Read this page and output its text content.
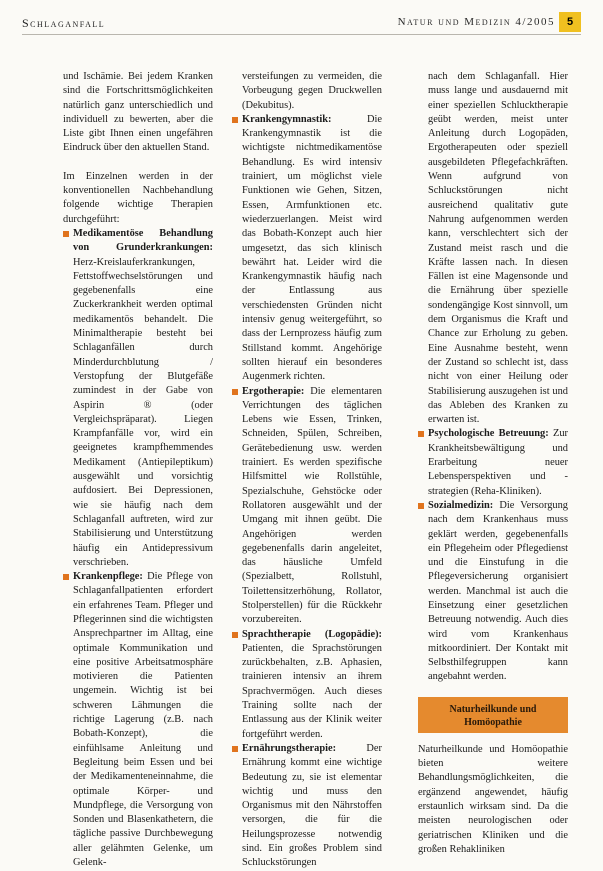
Schlaganfall	Natur und Medizin 4/2005	5

und Ischämie. Bei jedem Kranken sind die Fortschrittsmöglichkeiten natürlich ganz unterschiedlich und individuell zu bewerten, aber die Liste gibt Ihnen einen ungefähren Eindruck über den aktuellen Stand.

Im Einzelnen werden in der konventionellen Nachbehandlung folgende wichtige Therapien durchgeführt:

Medikamentöse Behandlung von Grunderkrankungen: Herz-Kreislauferkrankungen, Fettstoffwechselstörungen und gegebenenfalls eine Zuckerkrankheit werden optimal medikamentös behandelt. Die Minimaltherapie besteht bei Schlaganfällen durch Minderdurchblutung / Verstopfung der Blutgefäße zumindest in der Gabe von Aspirin ® (oder Vergleichspräparat). Liegen Krampfanfälle vor, wird ein geeignetes krampfhemmendes Medikament (Antiepileptikum) ausgewählt und vorsichtig aufdosiert. Bei Depressionen, wie sie häufig nach dem Schlaganfall auftreten, wird zur Stabilisierung und Unterstützung häufig ein Antidepressivum verschrieben.
Krankenpflege: Die Pflege von Schlaganfallpatienten erfordert ein erfahrenes Team. Pfleger und Pflegerinnen sind die wichtigsten Ansprechpartner im Alltag, eine optimale Kommunikation und eine positive Arbeitsatmosphäre motivieren die Patienten ungemein. Wichtig ist bei schweren Lähmungen die richtige Lagerung (z.B. nach Bobath-Konzept), die einfühlsame Anleitung und Begleitung beim Essen und bei der Medikamenteneinnahme, die optimale Körper- und Mundpflege, die Versorgung von Sonden und Blasenkathetern, die tägliche passive Durchbewegung aller gelähmten Gelenke, um Gelenk-
versteifungen zu vermeiden, die Vorbeugung gegen Druckwellen (Dekubitus).
Krankengymnastik: Die Krankengymnastik ist die wichtigste nichtmedikamentöse Behandlung. Es wird intensiv trainiert, um möglichst viele Funktionen wie Gehen, Sitzen, Essen, Armfunktionen etc. wiederzuerlangen. Meist wird das Bobath-Konzept auch hier umgesetzt, das sich klinisch bewährt hat. Leider wird die Krankengymnastik häufig nach der Entlassung aus verschiedensten Gründen nicht intensiv genug weitergeführt, so dass der Lernprozess häufig zum Stillstand kommt. Angehörige sollten hierauf ein besonderes Augenmerk richten.
Ergotherapie: Die elementaren Verrichtungen des täglichen Lebens wie Essen, Trinken, Schneiden, Spülen, Schreiben, Gerätebedienung usw. werden trainiert. Es werden spezifische Hilfsmittel wie Rollstühle, Spezialschuhe, Gehstöcke oder Rollatoren ausgewählt und der Umgang mit ihnen geübt. Die Angehörigen werden gegebenenfalls darin angeleitet, das häusliche Umfeld (Spezialbett, Rollstuhl, Toilettensitzerhöhung, Rollator, Stolperstellen) für die Rückkehr vorzubereiten.
Sprachtherapie (Logopädie): Patienten, die Sprachstörungen zurückbehalten, z.B. Aphasien, trainieren intensiv an ihrem Sprachvermögen. Auch dieses Training sollte nach der Entlassung aus der Klinik weiter fortgeführt werden.
Ernährungstherapie: Der Ernährung kommt eine wichtige Bedeutung zu, sie ist elementar wichtig und muss den Organismus mit den Nährstoffen versorgen, die für die Heilungsprozesse notwendig sind. Ein großes Problem sind Schluckstörungen
nach dem Schlaganfall. Hier muss lange und ausdauernd mit einer speziellen Schlucktherapie geübt werden, meist unter Anleitung durch Logopäden, Ergotherapeuten oder speziell ausgebildeten Pflegefachkräften. Wenn aufgrund von Schluckstörungen nicht ausreichend qualitativ gute Nahrung aufgenommen werden kann, verschlechtert sich der Zustand meist rasch und die Kräfte lassen nach. In diesen Fällen ist eine Magensonde und die Ernährung über spezielle sondengängige Kost sinnvoll, um dem Organismus die Kraft und Chance zur Erholung zu geben. Eine Ausnahme besteht, wenn der Zustand so schlecht ist, dass nicht von einer Heilung oder Stabilisierung auszugehen ist und das Ableben des Kranken zu erwarten ist.
Psychologische Betreuung: Zur Krankheitsbewältigung und Erarbeitung neuer Lebensperspektiven und -strategien (Reha-Kliniken).
Sozialmedizin: Die Versorgung nach dem Krankenhaus muss geklärt werden, gegebenenfalls ein Pflegeheim oder Pflegedienst und die Einstufung in die Pflegeversicherung organisiert werden. Manchmal ist auch die Einsetzung einer gesetzlichen Betreuung notwendig. Auch dies wird vom Krankenhaus mitkoordiniert. Der Kontakt mit Selbsthilfegruppen kann angebahnt werden.
Naturheilkunde und
Homöopathie

Naturheilkunde und Homöopathie bieten weitere Behandlungsmöglichkeiten, die ergänzend angewendet, häufig erstaunlich wirksam sind. Da die meisten neurologischen oder geriatrischen Kliniken und die großen Rehakliniken
